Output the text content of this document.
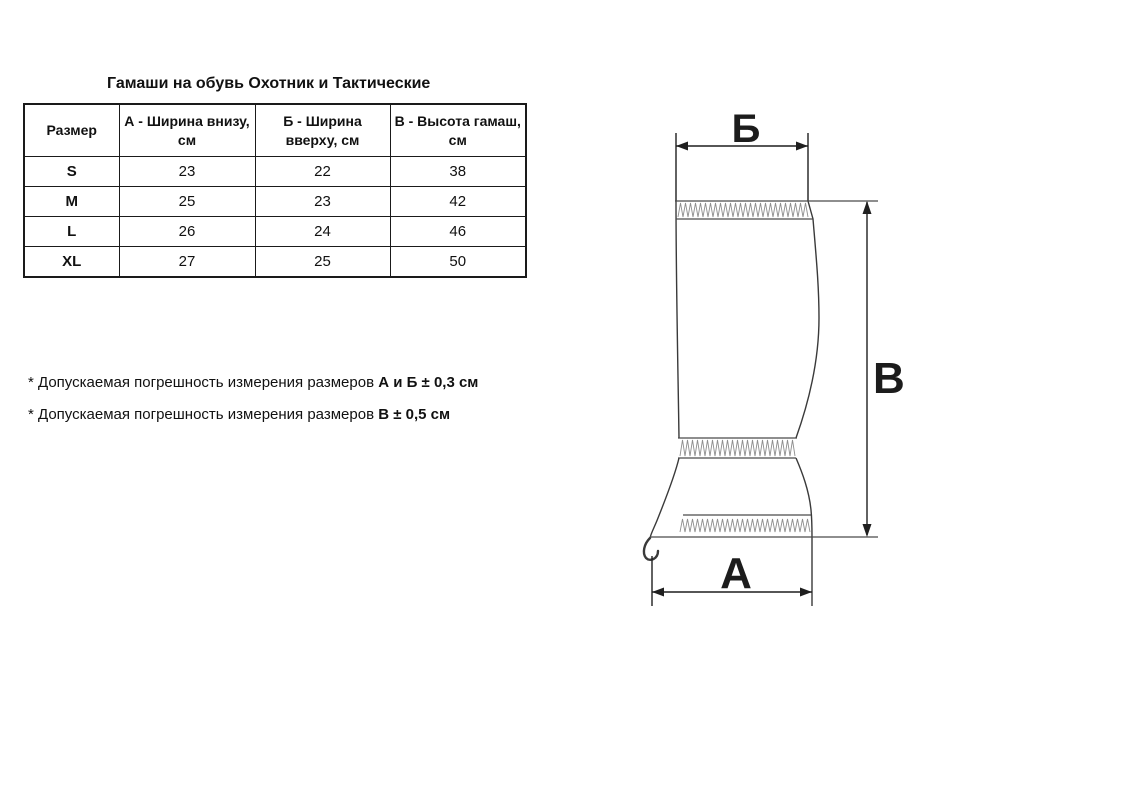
Гамаши на обувь Охотник и Тактические
Размер	А - Ширина внизу, см	Б - Ширина вверху, см	В - Высота гамаш, см
S	23	22	38
M	25	23	42
L	26	24	46
XL	27	25	50

* Допускаемая погрешность измерения размеров А и Б ± 0,3 см

* Допускаемая погрешность измерения размеров В ± 0,5 см

Б
В
А
